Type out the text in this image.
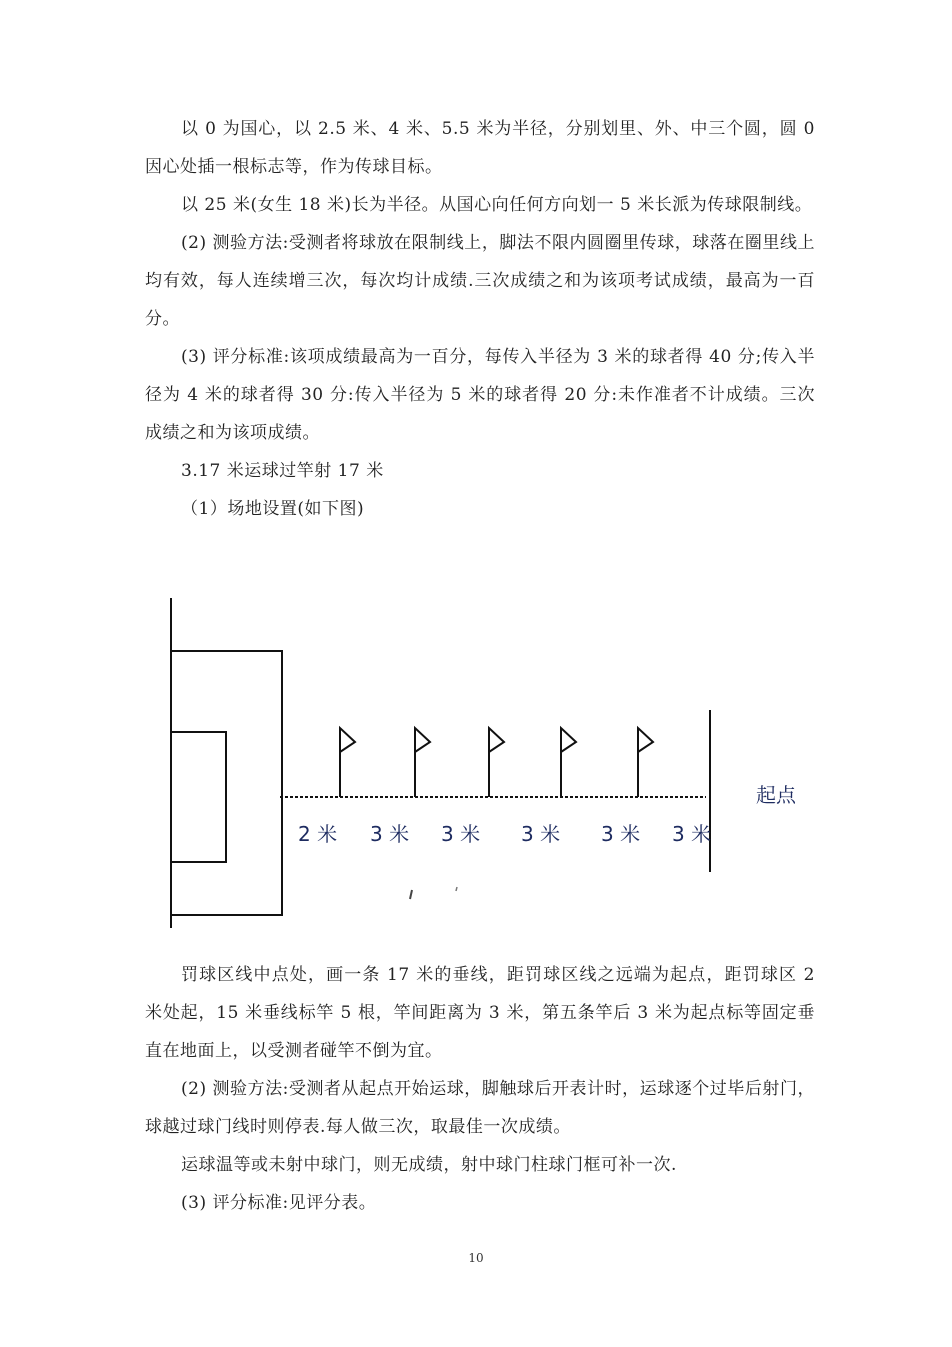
以 0 为国心，以 2.5 米、4 米、5.5 米为半径，分别划里、外、中三个圆，圆 0 因心处插一根标志等，作为传球目标。

以 25 米(女生 18 米)长为半径。从国心向任何方向划一 5 米长派为传球限制线。

(2) 测验方法:受测者将球放在限制线上，脚法不限内圆圈里传球，球落在圈里线上均有效，每人连续增三次，每次均计成绩.三次成绩之和为该项考试成绩，最高为一百分。

(3) 评分标准:该项成绩最高为一百分，每传入半径为 3 米的球者得 40 分;传入半径为 4 米的球者得 30 分:传入半径为 5 米的球者得 20 分:未作准者不计成绩。三次成绩之和为该项成绩。

3.17 米运球过竿射 17 米

（1）场地设置(如下图)

2 米 3 米 3 米 3 米 3 米 3 米
起点

罚球区线中点处，画一条 17 米的垂线，距罚球区线之远端为起点，距罚球区 2 米处起，15 米垂线标竿 5 根，竿间距离为 3 米，第五条竿后 3 米为起点标等固定垂直在地面上，以受测者碰竿不倒为宜。

(2) 测验方法:受测者从起点开始运球，脚触球后开表计时，运球逐个过毕后射门，球越过球门线时则停表.每人做三次，取最佳一次成绩。

运球温等或未射中球门，则无成绩，射中球门柱球门框可补一次.

(3) 评分标准:见评分表。

10
